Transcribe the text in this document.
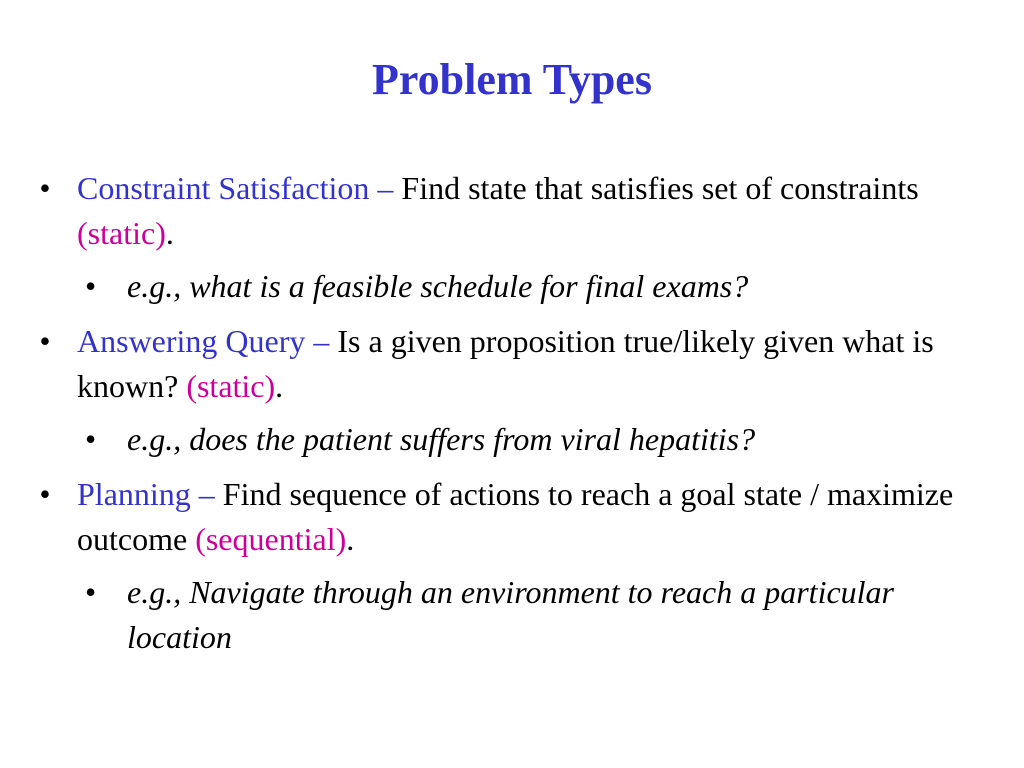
Problem Types
• Constraint Satisfaction – Find state that satisfies set of constraints (static).
• e.g., what is a feasible schedule for final exams?
• Answering Query – Is a given proposition true/likely given what is known? (static).
• e.g., does the patient suffers from viral hepatitis?
• Planning – Find sequence of actions to reach a goal state / maximize outcome (sequential).
• e.g., Navigate through an environment to reach a particular location
